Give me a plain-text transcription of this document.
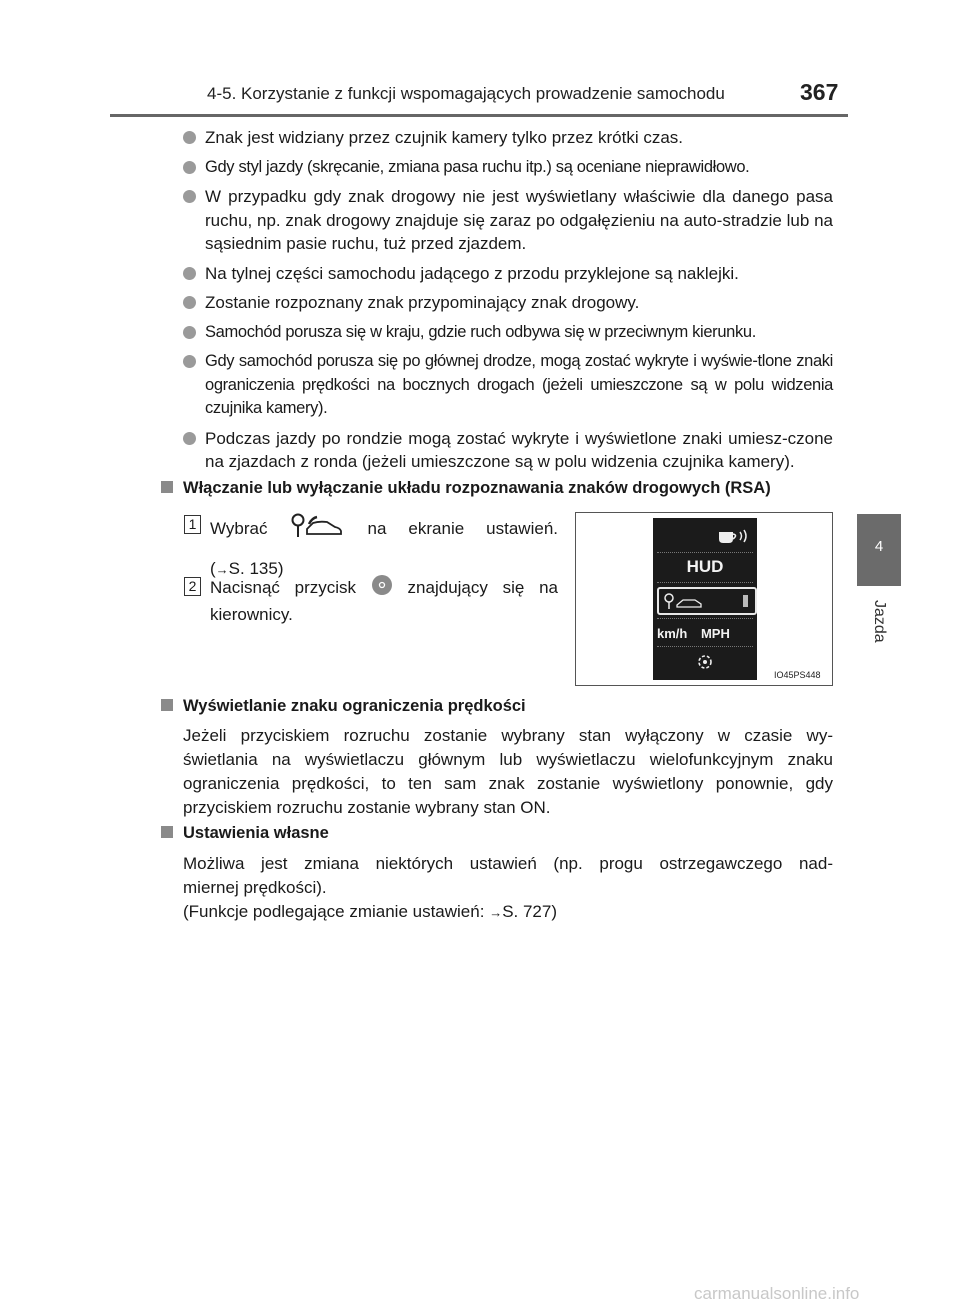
4-5. Korzystanie z funkcji wspomagających prowadzenie samochodu	367
4
Jazda
Znak jest widziany przez czujnik kamery tylko przez krótki czas.
Gdy styl jazdy (skręcanie, zmiana pasa ruchu itp.) są oceniane nieprawidłowo.
W przypadku gdy znak drogowy nie jest wyświetlany właściwie dla danego pasa ruchu, np. znak drogowy znajduje się zaraz po odgałęzieniu na auto-stradzie lub na sąsiednim pasie ruchu, tuż przed zjazdem.
Na tylnej części samochodu jadącego z przodu przyklejone są naklejki.
Zostanie rozpoznany znak przypominający znak drogowy.
Samochód porusza się w kraju, gdzie ruch odbywa się w przeciwnym kierunku.
Gdy samochód porusza się po głównej drodze, mogą zostać wykryte i wyświe-tlone znaki ograniczenia prędkości na bocznych drogach (jeżeli umieszczone są w polu widzenia czujnika kamery).
Podczas jazdy po rondzie mogą zostać wykryte i wyświetlone znaki umiesz-czone na zjazdach z ronda (jeżeli umieszczone są w polu widzenia czujnika kamery).
Włączanie lub wyłączanie układu rozpoznawania znaków drogowych (RSA)
1 Wybrać	na ekranie ustawień.
(→S. 135)
2 Nacisnąć przycisk	znajdujący się na
kierownicy.
HUD
km/h MPH
IO45PS448
Wyświetlanie znaku ograniczenia prędkości
Jeżeli przyciskiem rozruchu zostanie wybrany stan wyłączony w czasie wy-
świetlania na wyświetlaczu głównym lub wyświetlaczu wielofunkcyjnym znaku
ograniczenia prędkości, to ten sam znak zostanie wyświetlony ponownie, gdy
przyciskiem rozruchu zostanie wybrany stan ON.
Ustawienia własne
Możliwa jest zmiana niektórych ustawień (np. progu ostrzegawczego nad-
miernej prędkości).
(Funkcje podlegające zmianie ustawień: →S. 727)
carmanualsonline.info
